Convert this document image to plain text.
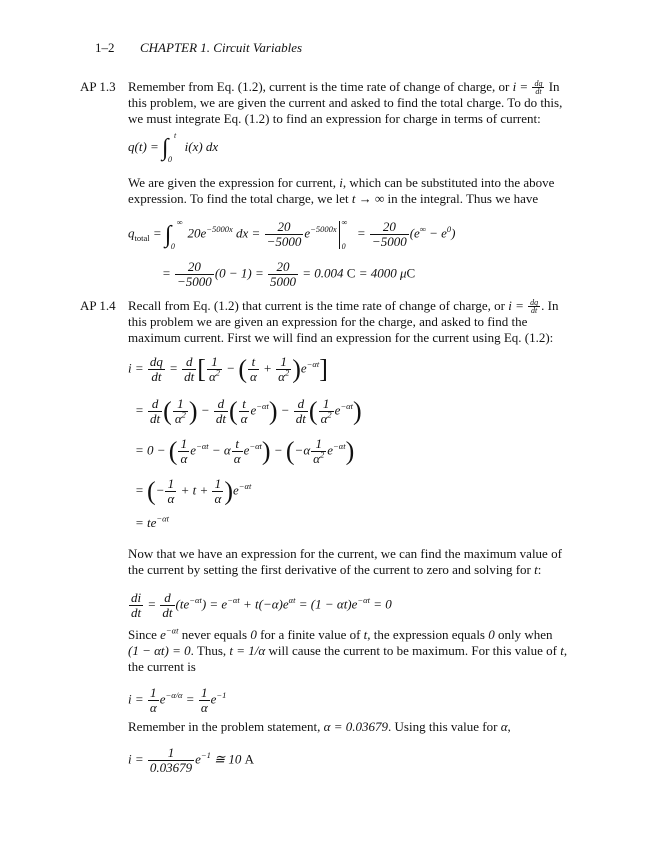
1–2 CHAPTER 1. Circuit Variables
AP 1.3 Remember from Eq. (1.2), current is the time rate of change of charge, or $i = \frac{dq}{dt}$ In this problem, we are given the current and asked to find the total charge. To do this, we must integrate Eq. (1.2) to find an expression for charge in terms of current:
q(t) = ∫ t
0
i(x) dx
We are given the expression for current, i, which can be substituted into the above expression. To find the total charge, we let t → ∞ in the integral. Thus we have
$q_{total}$ = ∫ ∞
0
$20e^{-5000x}$ dx = $\frac{20}{-5000} e^{-5000x}$
∞
0
= $\frac{20}{-5000} (e^\infty - e^0)$
= $\frac{20}{-5000} (0 - 1) = \frac{20}{5000} = 0.004$ C = 4000 μC
AP 1.4 Recall from Eq. (1.2) that current is the time rate of change of charge, or $i = \frac{dq}{dt}$ . In this problem we are given an expression for the charge, and asked to find the maximum current. First we will find an expression for the current using Eq. (1.2):
$i = \frac{dq}{dt} = \frac{d}{dt}$ [ $\frac{1}{\alpha^2}$ − ( $\frac{t}{\alpha} + \frac{1}{\alpha^2} )e^{-\alpha t}$]
= $\frac{d}{dt}$ ( $\frac{1}{\alpha^2}$ ) − $\frac{d}{dt}$ ( $\frac{t}{\alpha} e^{-\alpha t}) - \frac{d}{dt}$ ( $\frac{1}{\alpha^2} e^{-\alpha t}$)
= 0 − ( $\frac{1}{\alpha} e^{-\alpha t} - \alpha \frac{t}{\alpha} e^{-\alpha t}) - (-\alpha \frac{1}{\alpha^2} e^{-\alpha t})$
= (− $\frac{1}{\alpha} + t + \frac{1}{\alpha} )e^{-\alpha t}$
= $te^{-\alpha t}$
Now that we have an expression for the current, we can find the maximum value of the current by setting the first derivative of the current to zero and solving for t:
$\frac{di}{dt} = \frac{d}{dt} (te^{-\alpha t}) = e^{-\alpha t} + t(-\alpha)e^{\alpha t} = (1 - \alpha t)e^{-\alpha t} = 0$
Since $e^{-\alpha t}$ never equals 0 for a finite value of t, the expression equals 0 only when (1 − αt) = 0. Thus, t = 1/α will cause the current to be maximum. For this value of t, the current is
$i = \frac{1}{\alpha} e^{-\alpha/\alpha} = \frac{1}{\alpha} e^{-1}$
Remember in the problem statement, α = 0.03679. Using this value for α,
$i = \frac{1}{0.03679} e^{-1}$ ≅ 10 A
